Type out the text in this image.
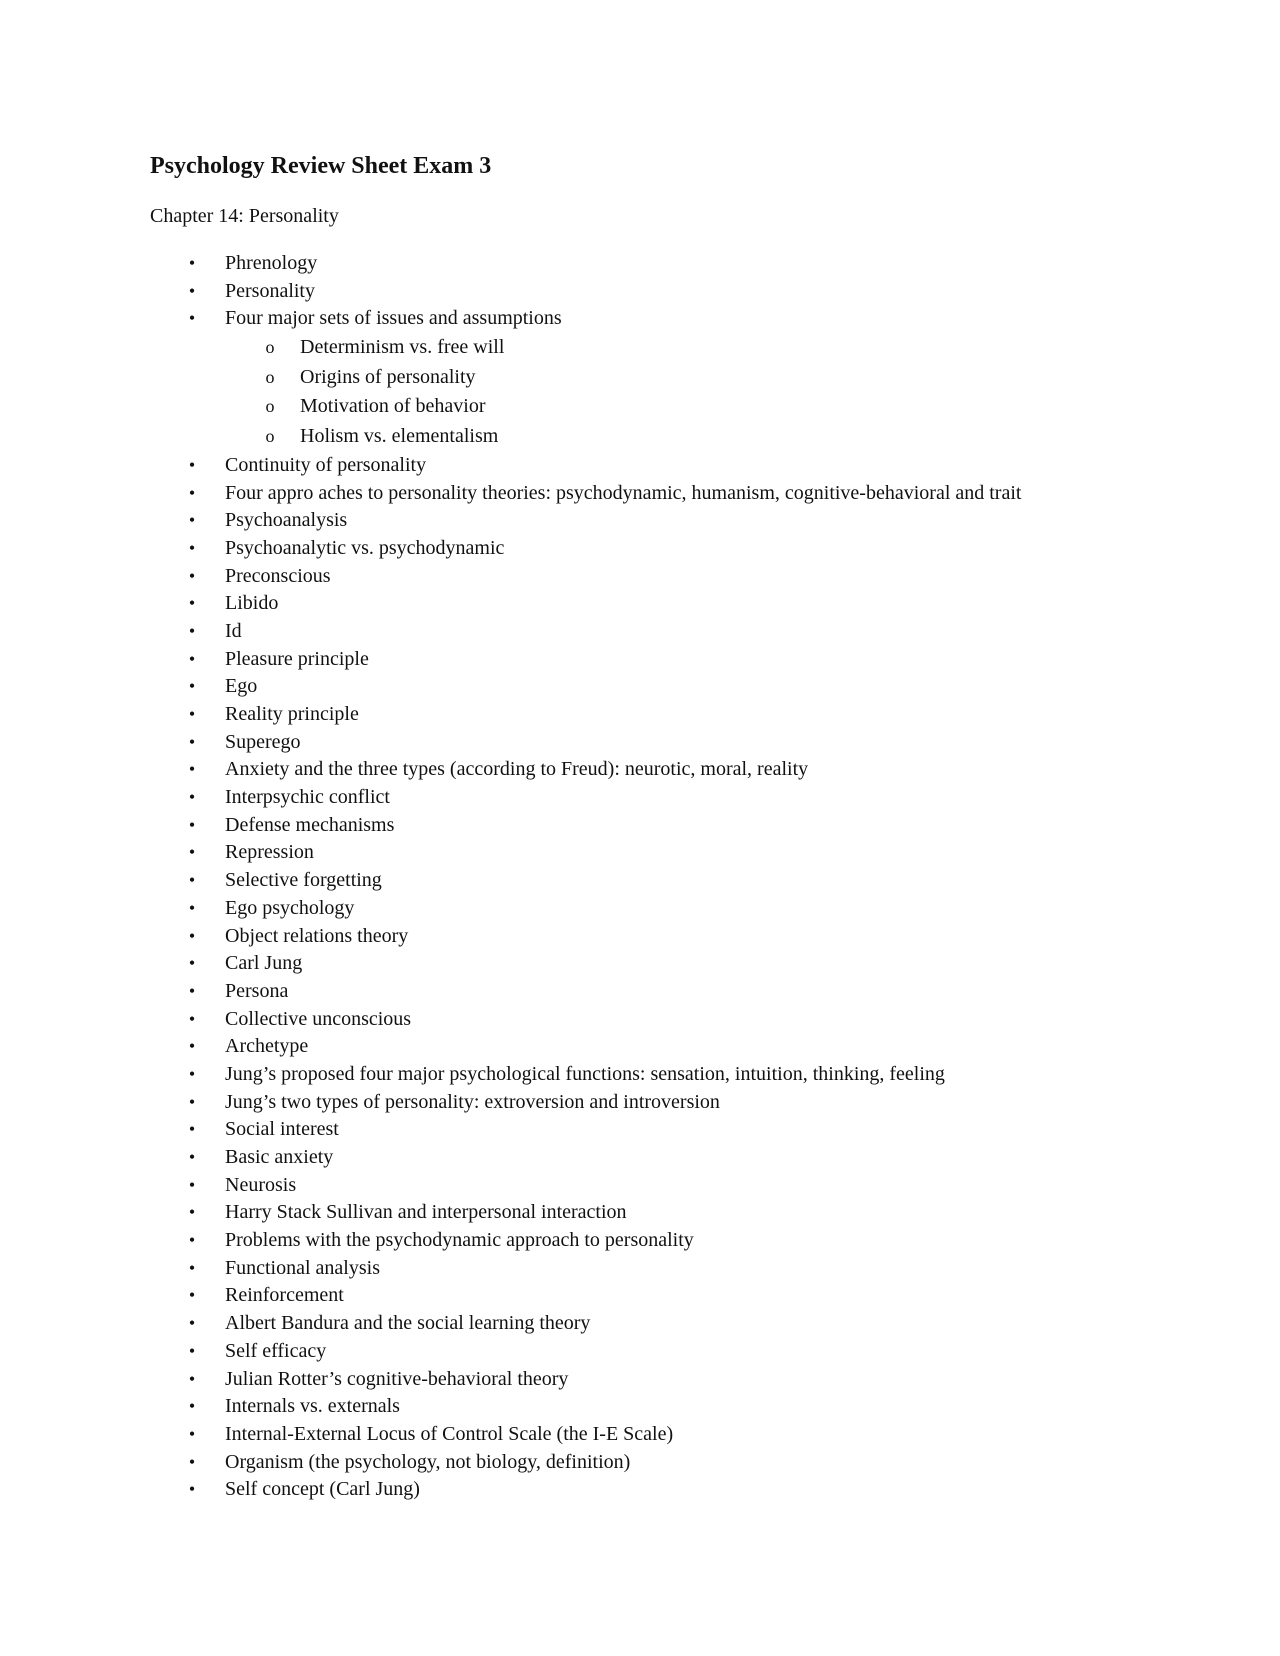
Psychology Review Sheet Exam 3

Chapter 14: Personality

• Phrenology
• Personality
• Four major sets of issues and assumptions
o Determinism vs. free will
o Origins of personality
o Motivation of behavior
o Holism vs. elementalism
• Continuity of personality
• Four appro aches to personality theories: psychodynamic, humanism, cognitive-behavioral and trait
• Psychoanalysis
• Psychoanalytic vs. psychodynamic
• Preconscious
• Libido
• Id
• Pleasure principle
• Ego
• Reality principle
• Superego
• Anxiety and the three types (according to Freud): neurotic, moral, reality
• Interpsychic conflict
• Defense mechanisms
• Repression
• Selective forgetting
• Ego psychology
• Object relations theory
• Carl Jung
• Persona
• Collective unconscious
• Archetype
• Jung’s proposed four major psychological functions: sensation, intuition, thinking, feeling
• Jung’s two types of personality: extroversion and introversion
• Social interest
• Basic anxiety
• Neurosis
• Harry Stack Sullivan and interpersonal interaction
• Problems with the psychodynamic approach to personality
• Functional analysis
• Reinforcement
• Albert Bandura and the social learning theory
• Self efficacy
• Julian Rotter’s cognitive-behavioral theory
• Internals vs. externals
• Internal-External Locus of Control Scale (the I-E Scale)
• Organism (the psychology, not biology, definition)
• Self concept (Carl Jung)
